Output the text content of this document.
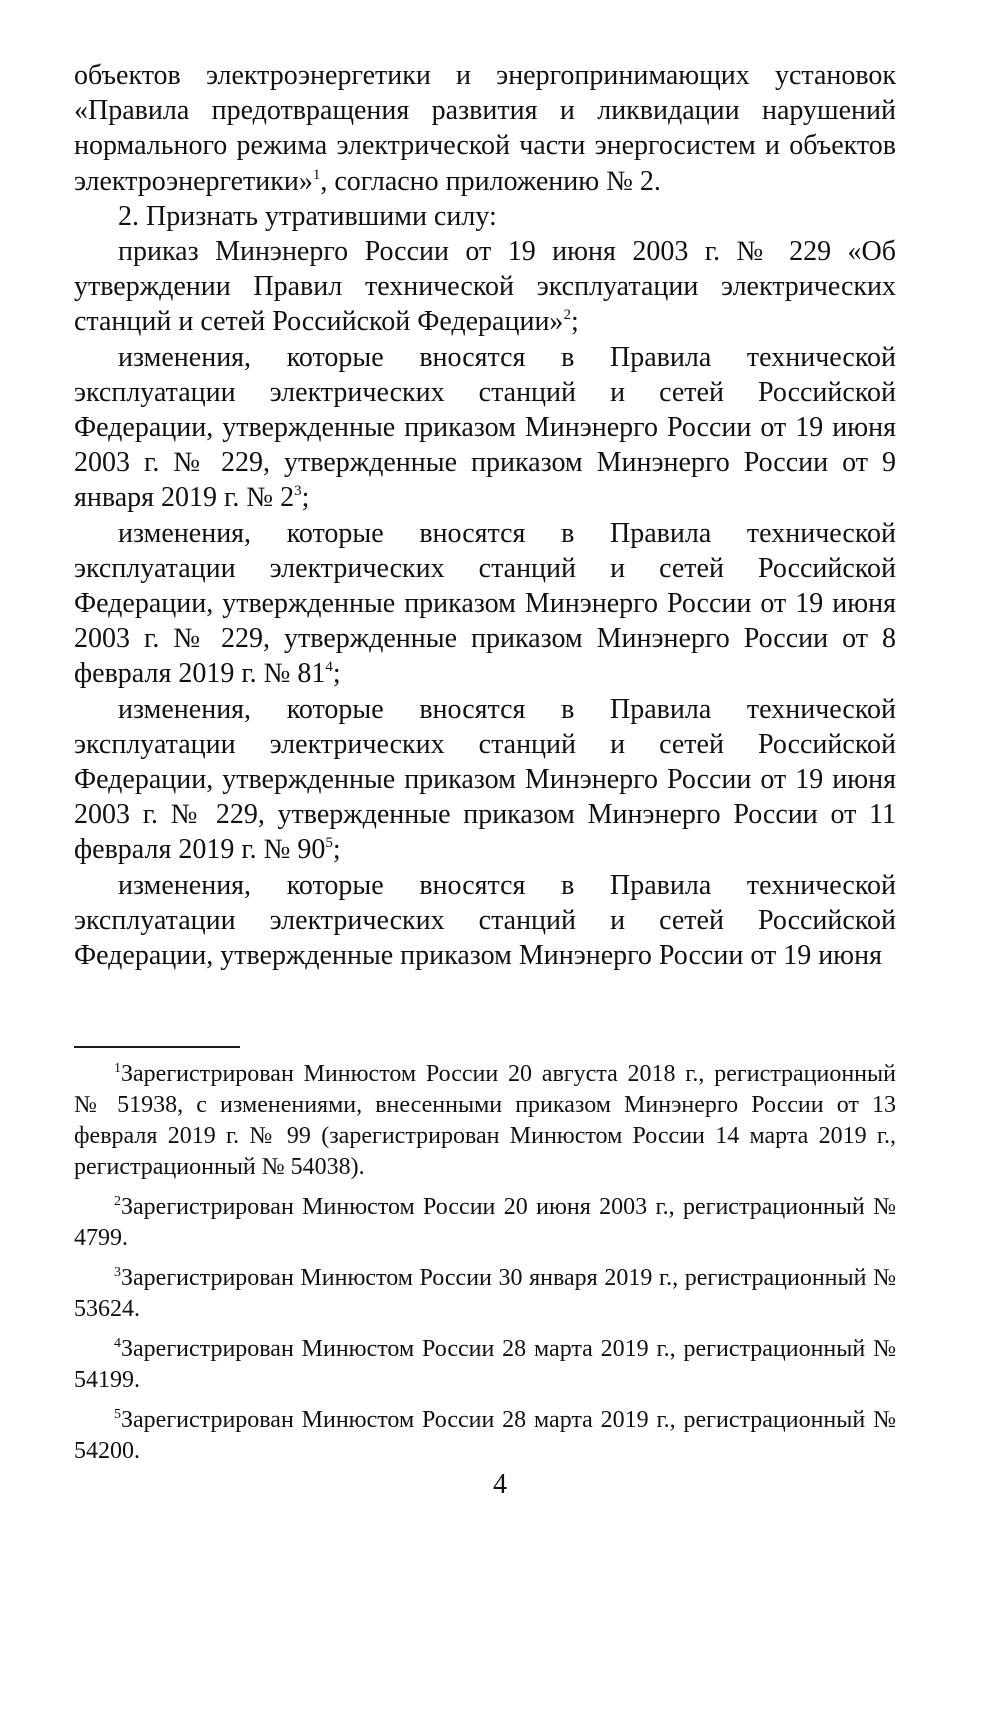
объектов электроэнергетики и энергопринимающих установок «Правила предотвращения развития и ликвидации нарушений нормального режима электрической части энергосистем и объектов электроэнергетики»$^1$, согласно приложению № 2.

2. Признать утратившими силу:

приказ Минэнерго России от 19 июня 2003 г. № 229 «Об утверждении Правил технической эксплуатации электрических станций и сетей Российской Федерации»$^2$;

изменения, которые вносятся в Правила технической эксплуатации электрических станций и сетей Российской Федерации, утвержденные приказом Минэнерго России от 19 июня 2003 г. № 229, утвержденные приказом Минэнерго России от 9 января 2019 г. № $2^3$;

изменения, которые вносятся в Правила технической эксплуатации электрических станций и сетей Российской Федерации, утвержденные приказом Минэнерго России от 19 июня 2003 г. № 229, утвержденные приказом Минэнерго России от 8 февраля 2019 г. № $81^4$;

изменения, которые вносятся в Правила технической эксплуатации электрических станций и сетей Российской Федерации, утвержденные приказом Минэнерго России от 19 июня 2003 г. № 229, утвержденные приказом Минэнерго России от 11 февраля 2019 г. № $90^5$;

изменения, которые вносятся в Правила технической эксплуатации электрических станций и сетей Российской Федерации, утвержденные приказом Минэнерго России от 19 июня

$^1$Зарегистрирован Минюстом России 20 августа 2018 г., регистрационный № 51938, с изменениями, внесенными приказом Минэнерго России от 13 февраля 2019 г. № 99 (зарегистрирован Минюстом России 14 марта 2019 г., регистрационный № 54038).

$^2$Зарегистрирован Минюстом России 20 июня 2003 г., регистрационный № 4799.

$^3$Зарегистрирован Минюстом России 30 января 2019 г., регистрационный № 53624.

$^4$Зарегистрирован Минюстом России 28 марта 2019 г., регистрационный № 54199.

$^5$Зарегистрирован Минюстом России 28 марта 2019 г., регистрационный № 54200.

4
